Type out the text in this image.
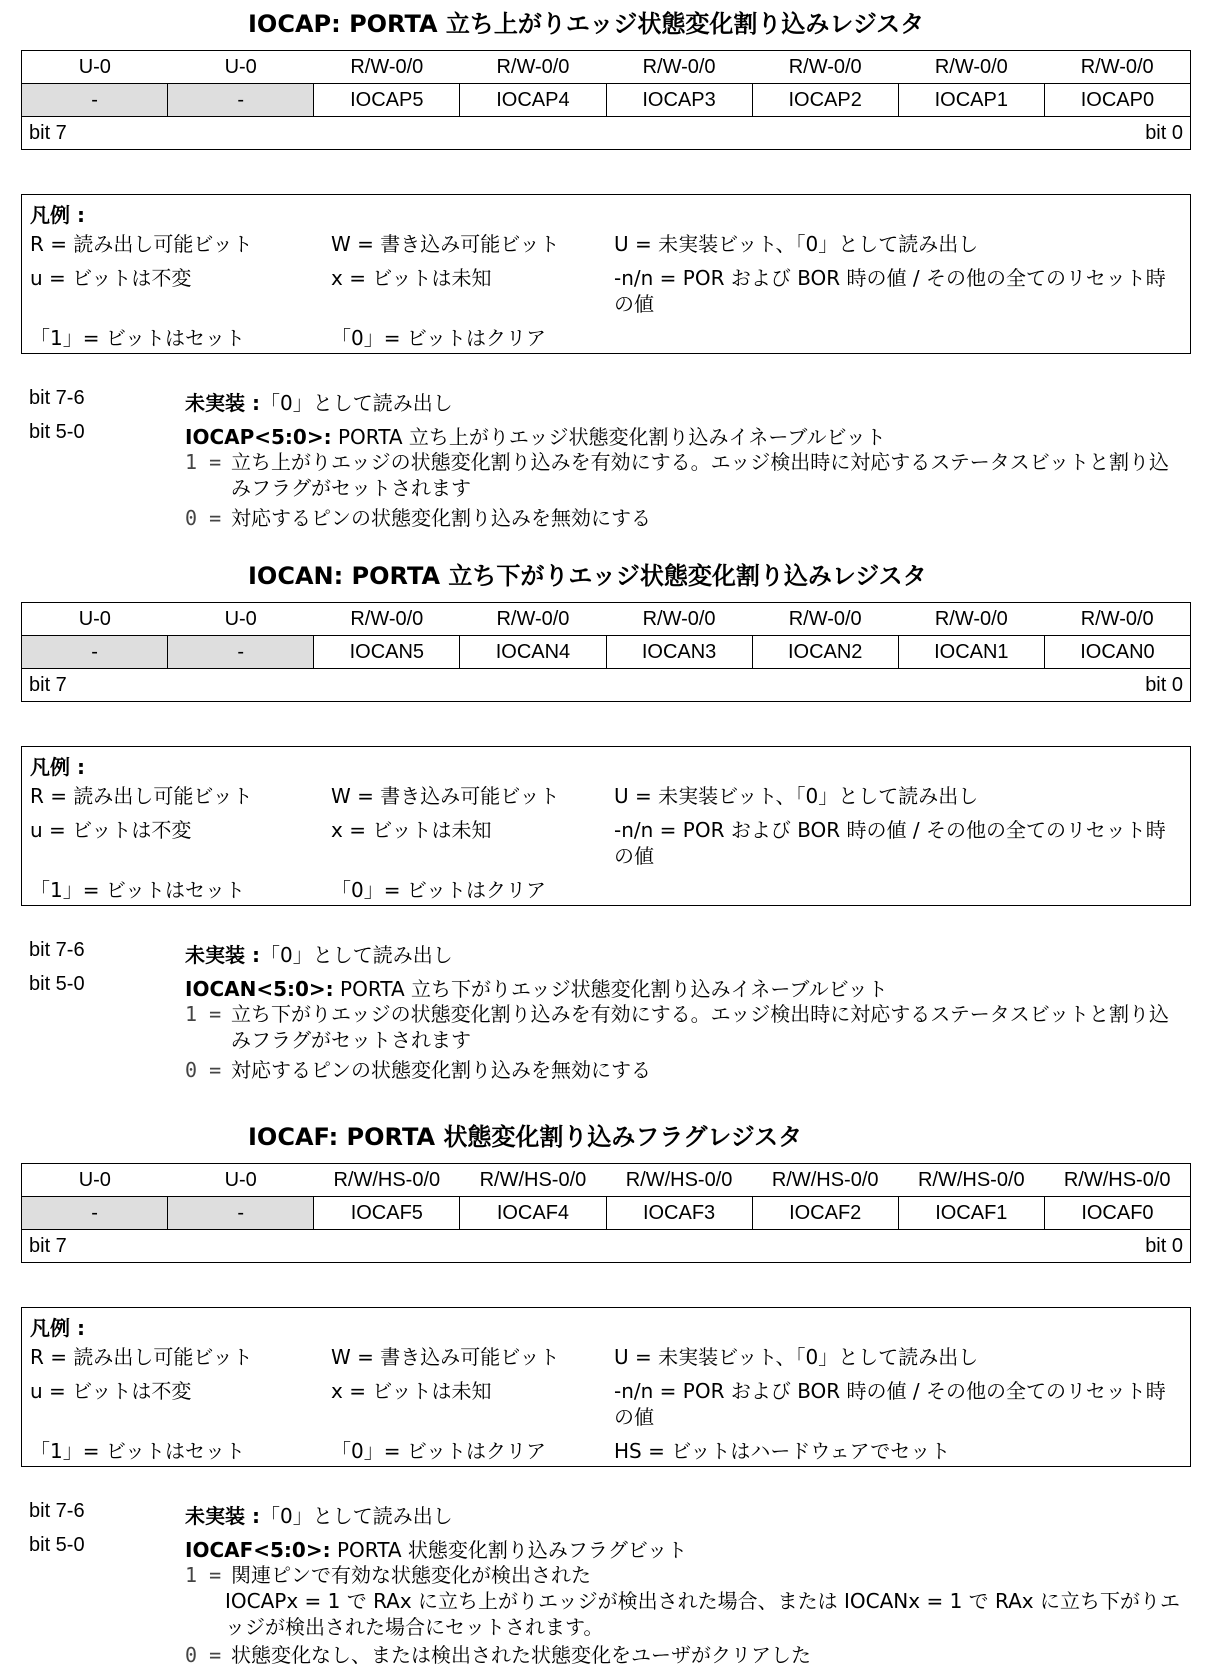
IOCAP: PORTA 立ち上がりエッジ状態変化割り込みレジスタ
U-0	U-0	R/W-0/0	R/W-0/0	R/W-0/0	R/W-0/0	R/W-0/0	R/W-0/0
-	-	IOCAP5	IOCAP4	IOCAP3	IOCAP2	IOCAP1	IOCAP0

bit 7 bit 0							
凡例 :
R = 読み出し可能ビット	W = 書き込み可能ビット	U = 未実装ビット、「0」として読み出し
u = ビットは不変	x = ビットは未知	-n/n = POR および BOR 時の値 / その他の全てのリセット時の値
「1」= ビットはセット	「0」= ビットはクリア
bit 7-6	未実装 :「0」として読み出し
bit 5-0	IOCAP<5:0>: PORTA 立ち上がりエッジ状態変化割り込みイネーブルビット
1 = 立ち上がりエッジの状態変化割り込みを有効にする。エッジ検出時に対応するステータスビットと割り込みフラグがセットされます
0 = 対応するピンの状態変化割り込みを無効にする
IOCAN: PORTA 立ち下がりエッジ状態変化割り込みレジスタ
U-0	U-0	R/W-0/0	R/W-0/0	R/W-0/0	R/W-0/0	R/W-0/0	R/W-0/0
-	-	IOCAN5	IOCAN4	IOCAN3	IOCAN2	IOCAN1	IOCAN0

bit 7 bit 0							
凡例 :
R = 読み出し可能ビット	W = 書き込み可能ビット	U = 未実装ビット、「0」として読み出し
u = ビットは不変	x = ビットは未知	-n/n = POR および BOR 時の値 / その他の全てのリセット時の値
「1」= ビットはセット	「0」= ビットはクリア
bit 7-6	未実装 :「0」として読み出し
bit 5-0	IOCAN<5:0>: PORTA 立ち下がりエッジ状態変化割り込みイネーブルビット
1 = 立ち下がりエッジの状態変化割り込みを有効にする。エッジ検出時に対応するステータスビットと割り込みフラグがセットされます
0 = 対応するピンの状態変化割り込みを無効にする
IOCAF: PORTA 状態変化割り込みフラグレジスタ
U-0	U-0	R/W/HS-0/0	R/W/HS-0/0	R/W/HS-0/0	R/W/HS-0/0	R/W/HS-0/0	R/W/HS-0/0
-	-	IOCAF5	IOCAF4	IOCAF3	IOCAF2	IOCAF1	IOCAF0

bit 7 bit 0							
凡例 :
R = 読み出し可能ビット	W = 書き込み可能ビット	U = 未実装ビット、「0」として読み出し
u = ビットは不変	x = ビットは未知	-n/n = POR および BOR 時の値 / その他の全てのリセット時の値
「1」= ビットはセット	「0」= ビットはクリア	HS = ビットはハードウェアでセット
bit 7-6	未実装 :「0」として読み出し
bit 5-0	IOCAF<5:0>: PORTA 状態変化割り込みフラグビット
1 = 関連ピンで有効な状態変化が検出された
IOCAPx = 1 で RAx に立ち上がりエッジが検出された場合、または IOCANx = 1 で RAx に立ち下がりエッジが検出された場合にセットされます。
0 = 状態変化なし、または検出された状態変化をユーザがクリアした
